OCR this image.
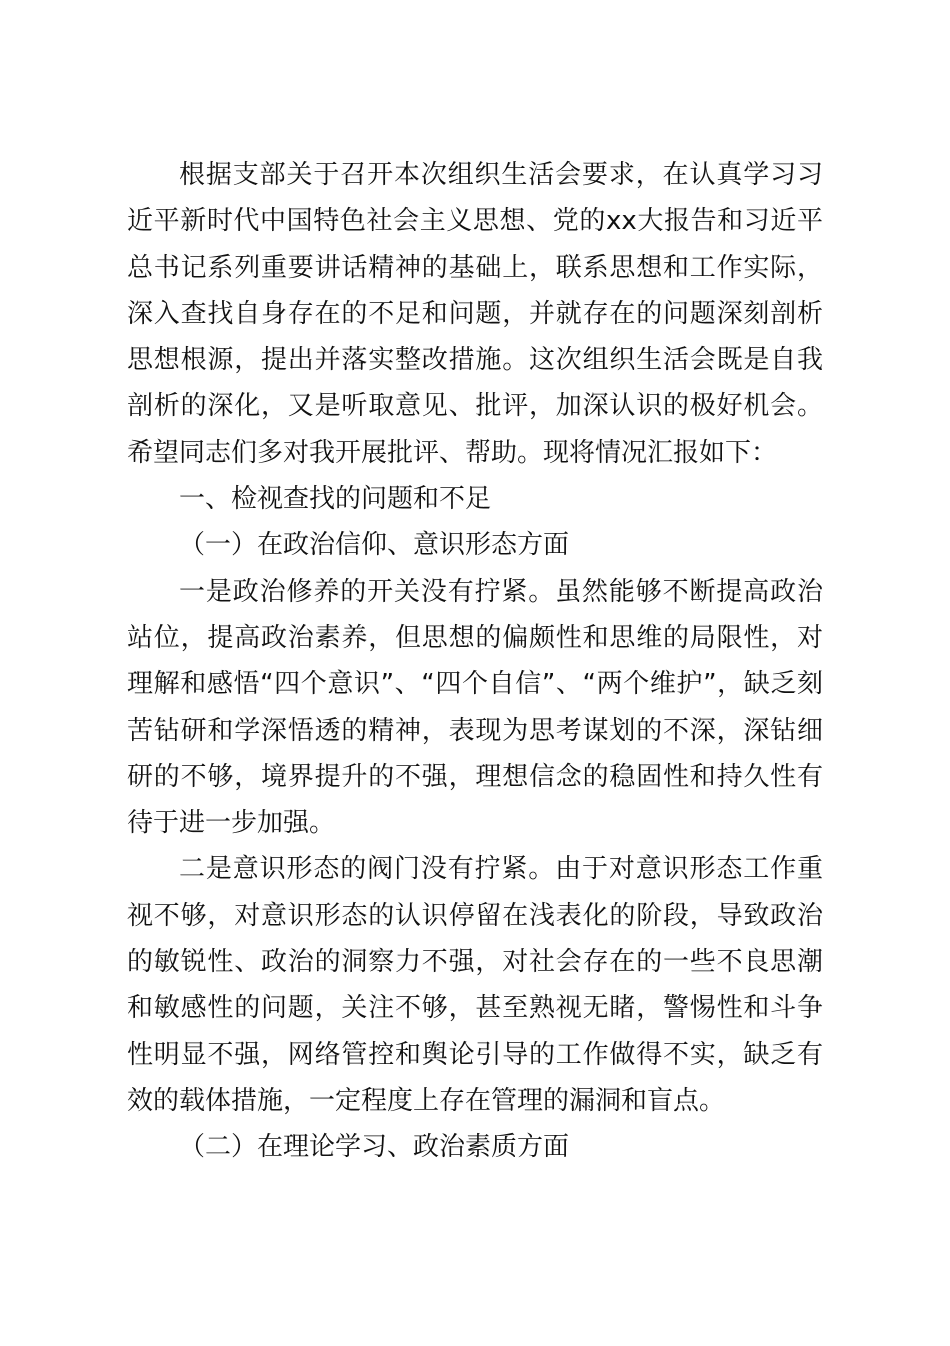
根据支部关于召开本次组织生活会要求，在认真学习习近平新时代中国特色社会主义思想、党的xx大报告和习近平总书记系列重要讲话精神的基础上，联系思想和工作实际，深入查找自身存在的不足和问题，并就存在的问题深刻剖析思想根源，提出并落实整改措施。这次组织生活会既是自我剖析的深化，又是听取意见、批评，加深认识的极好机会。希望同志们多对我开展批评、帮助。现将情况汇报如下：

一、检视查找的问题和不足

（一）在政治信仰、意识形态方面

一是政治修养的开关没有拧紧。虽然能够不断提高政治站位，提高政治素养，但思想的偏颇性和思维的局限性，对理解和感悟“四个意识”、“四个自信”、“两个维护”，缺乏刻苦钻研和学深悟透的精神，表现为思考谋划的不深，深钻细研的不够，境界提升的不强，理想信念的稳固性和持久性有待于进一步加强。

二是意识形态的阀门没有拧紧。由于对意识形态工作重视不够，对意识形态的认识停留在浅表化的阶段，导致政治的敏锐性、政治的洞察力不强，对社会存在的一些不良思潮和敏感性的问题，关注不够，甚至熟视无睹，警惕性和斗争性明显不强，网络管控和舆论引导的工作做得不实，缺乏有效的载体措施，一定程度上存在管理的漏洞和盲点。

（二）在理论学习、政治素质方面
